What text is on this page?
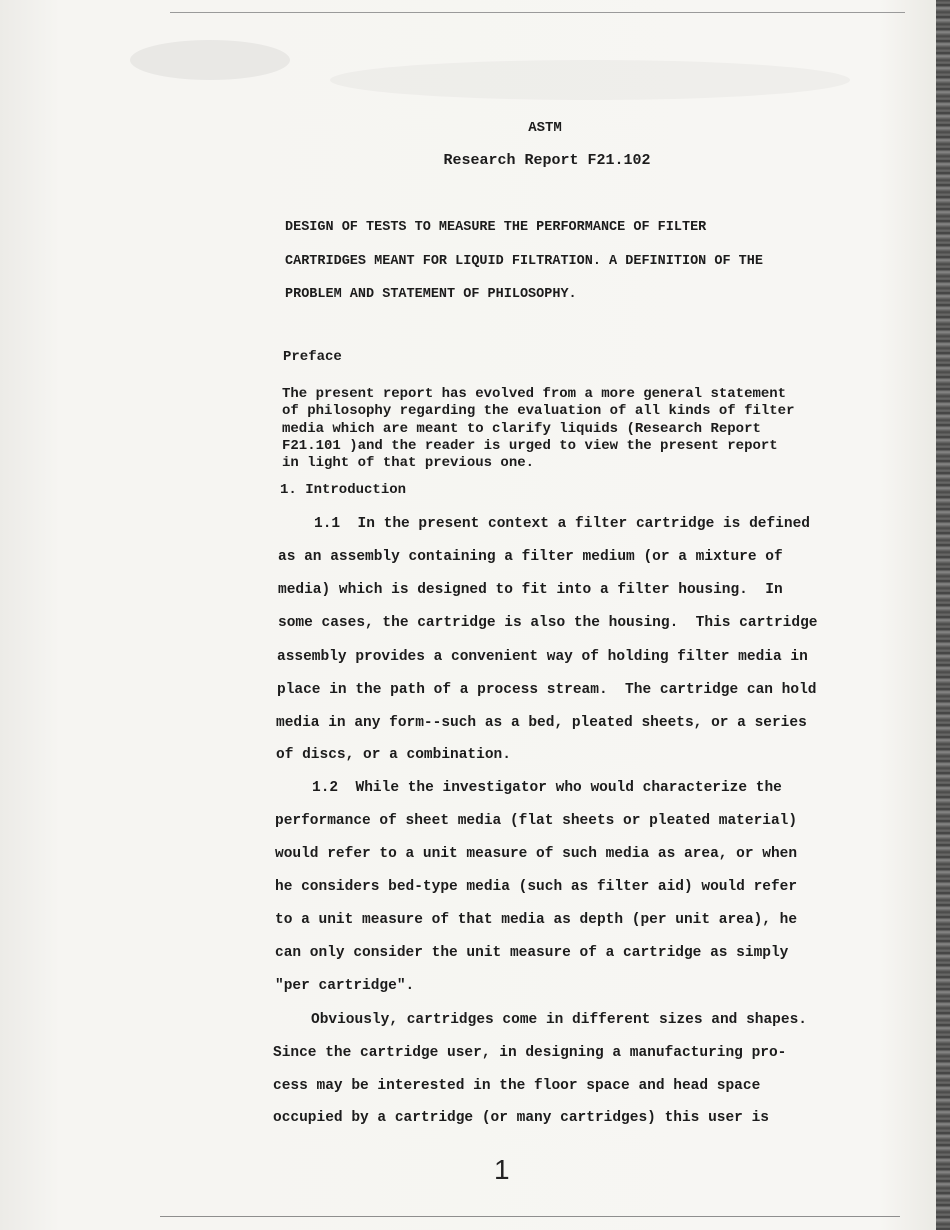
ASTM
Research Report F21.102
DESIGN OF TESTS TO MEASURE THE PERFORMANCE OF FILTER
CARTRIDGES MEANT FOR LIQUID FILTRATION. A DEFINITION OF THE
PROBLEM AND STATEMENT OF PHILOSOPHY.
Preface
The present report has evolved from a more general statement
of philosophy regarding the evaluation of all kinds of filter
media which are meant to clarify liquids (Research Report
F21.101 )and the reader is urged to view the present report
in light of that previous one.
1. Introduction
1.1  In the present context a filter cartridge is defined
as an assembly containing a filter medium (or a mixture of
media) which is designed to fit into a filter housing.  In
some cases, the cartridge is also the housing.  This cartridge
assembly provides a convenient way of holding filter media in
place in the path of a process stream.  The cartridge can hold
media in any form--such as a bed, pleated sheets, or a series
of discs, or a combination.
1.2  While the investigator who would characterize the
performance of sheet media (flat sheets or pleated material)
would refer to a unit measure of such media as area, or when
he considers bed-type media (such as filter aid) would refer
to a unit measure of that media as depth (per unit area), he
can only consider the unit measure of a cartridge as simply
"per cartridge".
Obviously, cartridges come in different sizes and shapes.
Since the cartridge user, in designing a manufacturing pro-
cess may be interested in the floor space and head space
occupied by a cartridge (or many cartridges) this user is
1
